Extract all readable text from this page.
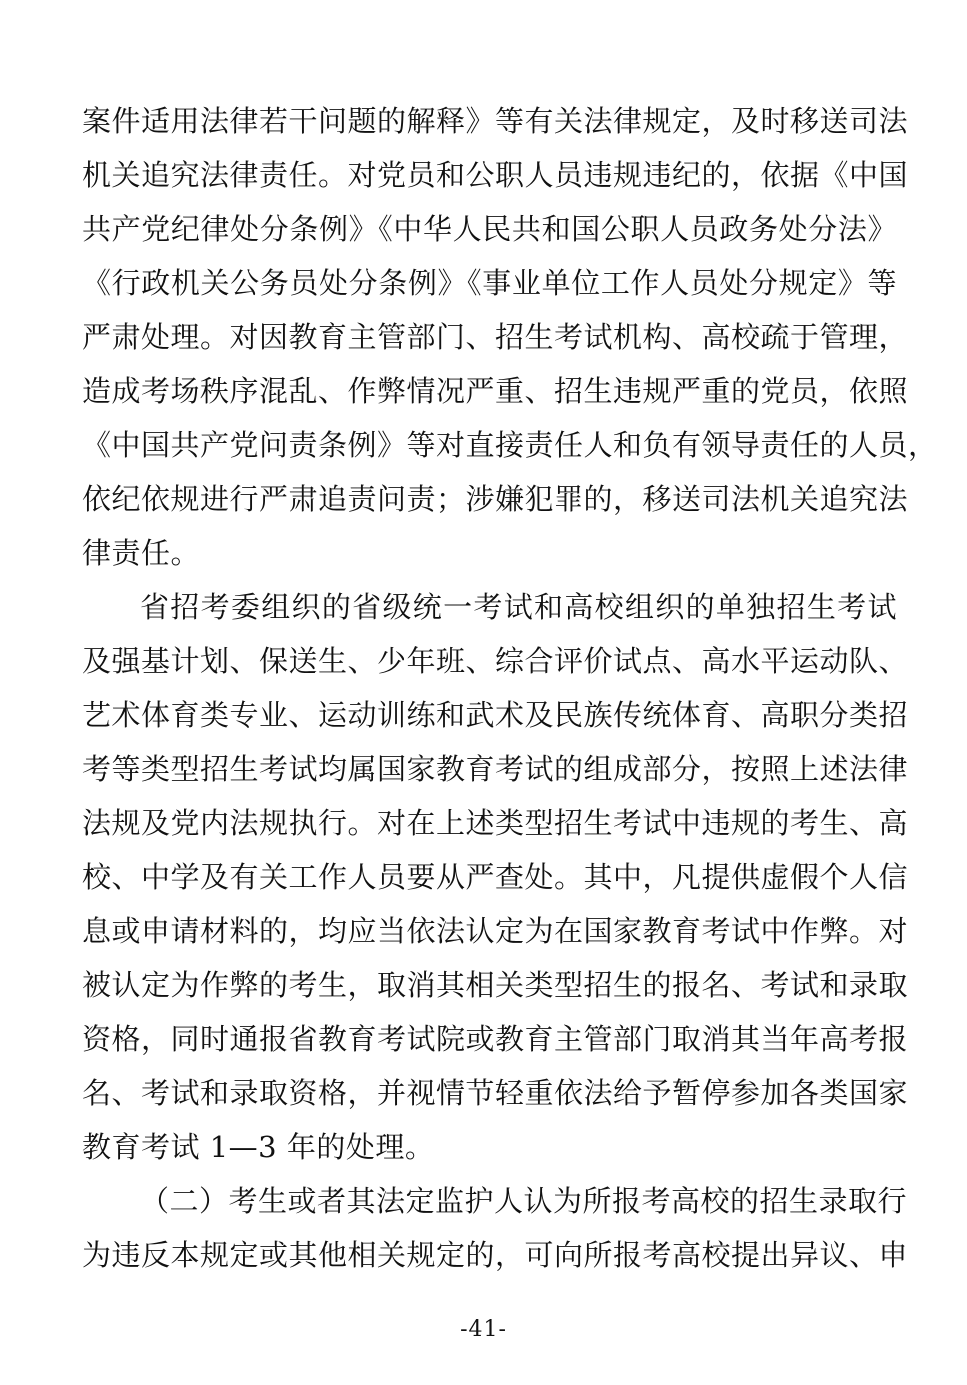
案件适用法律若干问题的解释》等有关法律规定，及时移送司法
机关追究法律责任。对党员和公职人员违规违纪的，依据《中国
共产党纪律处分条例》《中华人民共和国公职人员政务处分法》
《行政机关公务员处分条例》《事业单位工作人员处分规定》等
严肃处理。对因教育主管部门、招生考试机构、高校疏于管理，
造成考场秩序混乱、作弊情况严重、招生违规严重的党员，依照
《中国共产党问责条例》等对直接责任人和负有领导责任的人员，
依纪依规进行严肃追责问责；涉嫌犯罪的，移送司法机关追究法
律责任。
省招考委组织的省级统一考试和高校组织的单独招生考试
及强基计划、保送生、少年班、综合评价试点、高水平运动队、
艺术体育类专业、运动训练和武术及民族传统体育、高职分类招
考等类型招生考试均属国家教育考试的组成部分，按照上述法律
法规及党内法规执行。对在上述类型招生考试中违规的考生、高
校、中学及有关工作人员要从严查处。其中，凡提供虚假个人信
息或申请材料的，均应当依法认定为在国家教育考试中作弊。对
被认定为作弊的考生，取消其相关类型招生的报名、考试和录取
资格，同时通报省教育考试院或教育主管部门取消其当年高考报
名、考试和录取资格，并视情节轻重依法给予暂停参加各类国家
教育考试 1—3 年的处理。
（二）考生或者其法定监护人认为所报考高校的招生录取行
为违反本规定或其他相关规定的，可向所报考高校提出异议、申
-41-
